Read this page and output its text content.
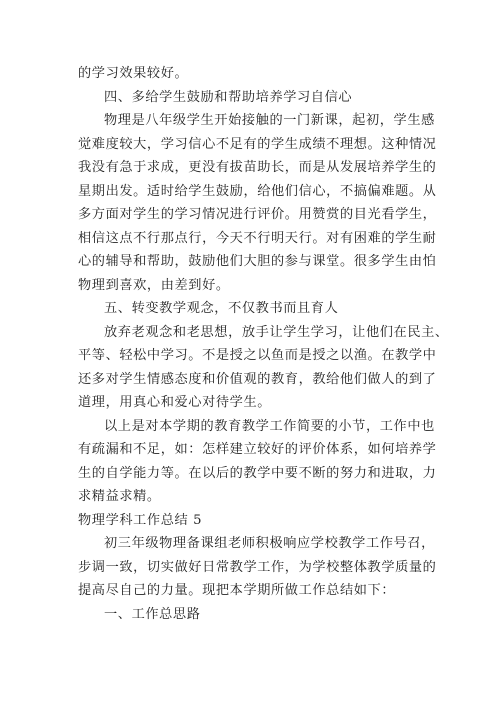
的学习效果较好。
四、多给学生鼓励和帮助培养学习自信心
物理是八年级学生开始接触的一门新课，起初，学生感
觉难度较大，学习信心不足有的学生成绩不理想。这种情况
我没有急于求成，更没有拔苗助长，而是从发展培养学生的
星期出发。适时给学生鼓励，给他们信心，不搞偏难题。从
多方面对学生的学习情况进行评价。用赞赏的目光看学生，
相信这点不行那点行，今天不行明天行。对有困难的学生耐
心的辅导和帮助，鼓励他们大胆的参与课堂。很多学生由怕
物理到喜欢，由差到好。
五、转变教学观念，不仅教书而且育人
放弃老观念和老思想，放手让学生学习，让他们在民主、
平等、轻松中学习。不是授之以鱼而是授之以渔。在教学中
还多对学生情感态度和价值观的教育，教给他们做人的到了
道理，用真心和爱心对待学生。
以上是对本学期的教育教学工作简要的小节，工作中也
有疏漏和不足，如：怎样建立较好的评价体系，如何培养学
生的自学能力等。在以后的教学中要不断的努力和进取，力
求精益求精。
物理学科工作总结 5
初三年级物理备课组老师积极响应学校教学工作号召，
步调一致，切实做好日常教学工作，为学校整体教学质量的
提高尽自己的力量。现把本学期所做工作总结如下：
一、工作总思路
